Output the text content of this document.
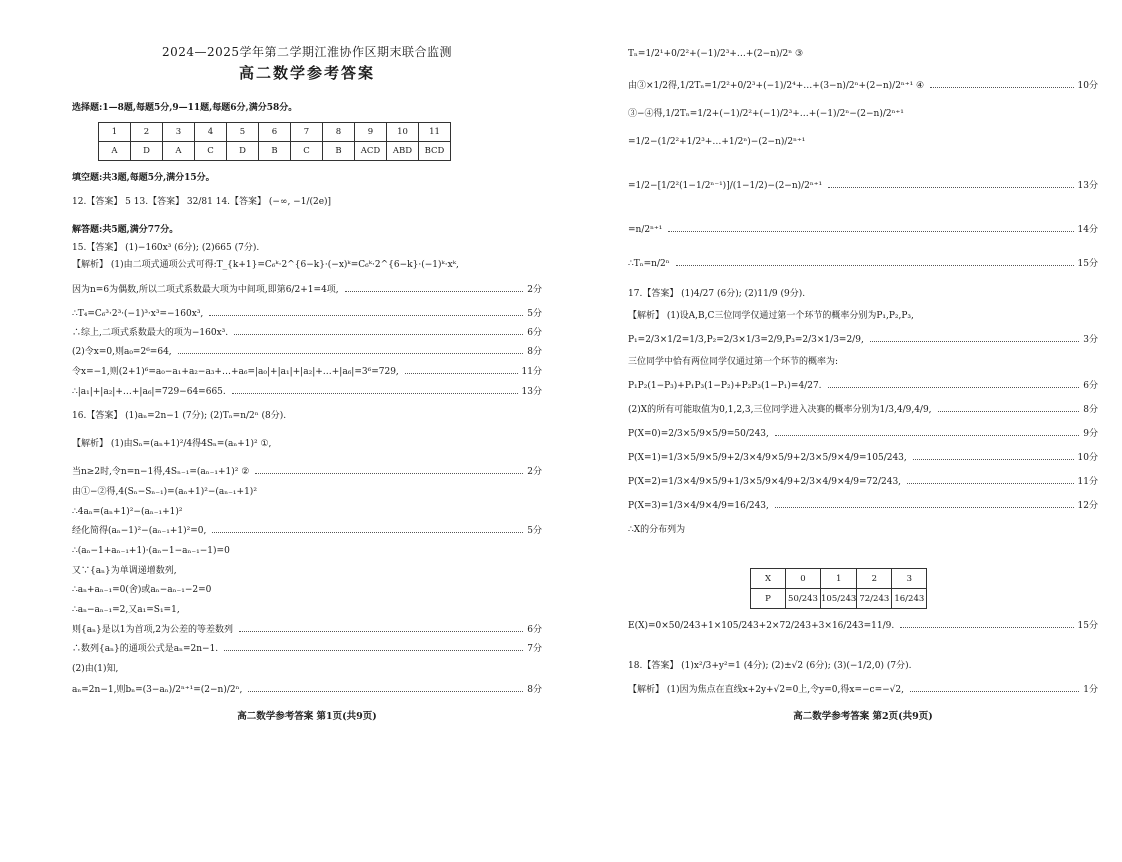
2024—2025学年第二学期江淮协作区期末联合监测
高二数学参考答案
选择题:1—8题,每题5分,9—11题,每题6分,满分58分。
1	2	3	4	5	6	7	8	9	10	11
A	D	A	C	D	B	C	B	ACD	ABD	BCD
填空题:共3题,每题5分,满分15分。
12.【答案】 5 13.【答案】 32/81 14.【答案】 (−∞, −1/(2e)]
解答题:共5题,满分77分。
15.【答案】 (1)−160x³ (6分); (2)665 (7分).
【解析】 (1)由二项式通项公式可得:T_{k+1}=C₆ᵏ·2^{6−k}·(−x)ᵏ=C₆ᵏ·2^{6−k}·(−1)ᵏ·xᵏ,
因为n=6为偶数,所以二项式系数最大项为中间项,即第6/2+1=4项,	2分
∴T₄=C₆³·2³·(−1)³·x³=−160x³,	5分
∴综上,二项式系数最大的项为−160x³.	6分
(2)令x=0,则a₀=2⁶=64,	8分
令x=−1,则(2+1)⁶=a₀−a₁+a₂−a₃+…+a₆=|a₀|+|a₁|+|a₂|+…+|a₆|=3⁶=729,	11分
∴|a₁|+|a₂|+…+|a₆|=729−64=665.	13分
16.【答案】 (1)aₙ=2n−1 (7分); (2)Tₙ=n/2ⁿ (8分).
【解析】 (1)由Sₙ=(aₙ+1)²/4得4Sₙ=(aₙ+1)² ①,
当n≥2时,令n=n−1得,4Sₙ₋₁=(aₙ₋₁+1)² ②	2分
由①−②得,4(Sₙ−Sₙ₋₁)=(aₙ+1)²−(aₙ₋₁+1)²
∴4aₙ=(aₙ+1)²−(aₙ₋₁+1)²
经化简得(aₙ−1)²−(aₙ₋₁+1)²=0,	5分
∴(aₙ−1+aₙ₋₁+1)·(aₙ−1−aₙ₋₁−1)=0
又∵{aₙ}为单调递增数列,
∴aₙ+aₙ₋₁=0(舍)或aₙ−aₙ₋₁−2=0
∴aₙ−aₙ₋₁=2,又a₁=S₁=1,
则{aₙ}是以1为首项,2为公差的等差数列	6分
∴数列{aₙ}的通项公式是aₙ=2n−1.	7分
(2)由(1)知,
aₙ=2n−1,则bₙ=(3−aₙ)/2ⁿ⁺¹=(2−n)/2ⁿ,	8分
高二数学参考答案 第1页(共9页)
Tₙ=1/2¹+0/2²+(−1)/2³+…+(2−n)/2ⁿ ③
由③×1/2得,1/2Tₙ=1/2²+0/2³+(−1)/2⁴+…+(3−n)/2ⁿ+(2−n)/2ⁿ⁺¹ ④	10分
③−④得,1/2Tₙ=1/2+(−1)/2²+(−1)/2³+…+(−1)/2ⁿ−(2−n)/2ⁿ⁺¹
=1/2−(1/2²+1/2³+…+1/2ⁿ)−(2−n)/2ⁿ⁺¹
=1/2−[1/2²(1−1/2ⁿ⁻¹)]/(1−1/2)−(2−n)/2ⁿ⁺¹	13分
=n/2ⁿ⁺¹	14分
∴Tₙ=n/2ⁿ	15分
17.【答案】 (1)4/27 (6分); (2)11/9 (9分).
【解析】 (1)设A,B,C三位同学仅通过第一个环节的概率分别为P₁,P₂,P₃,
P₁=2/3×1/2=1/3,P₂=2/3×1/3=2/9,P₃=2/3×1/3=2/9,	3分
三位同学中恰有两位同学仅通过第一个环节的概率为:
P₁P₂(1−P₃)+P₁P₃(1−P₂)+P₂P₃(1−P₁)=4/27.	6分
(2)X的所有可能取值为0,1,2,3,三位同学进入决赛的概率分别为1/3,4/9,4/9,	8分
P(X=0)=2/3×5/9×5/9=50/243,	9分
P(X=1)=1/3×5/9×5/9+2/3×4/9×5/9+2/3×5/9×4/9=105/243,	10分
P(X=2)=1/3×4/9×5/9+1/3×5/9×4/9+2/3×4/9×4/9=72/243,	11分
P(X=3)=1/3×4/9×4/9=16/243,	12分
∴X的分布列为
E(X)=0×50/243+1×105/243+2×72/243+3×16/243=11/9.	15分
18.【答案】 (1)x²/3+y²=1 (4分); (2)±√2 (6分); (3)(−1/2,0) (7分).
【解析】 (1)因为焦点在直线x+2y+√2=0上,令y=0,得x=−c=−√2,	1分
X	0	1	2	3
P	50/243	105/243	72/243	16/243
高二数学参考答案 第2页(共9页)
